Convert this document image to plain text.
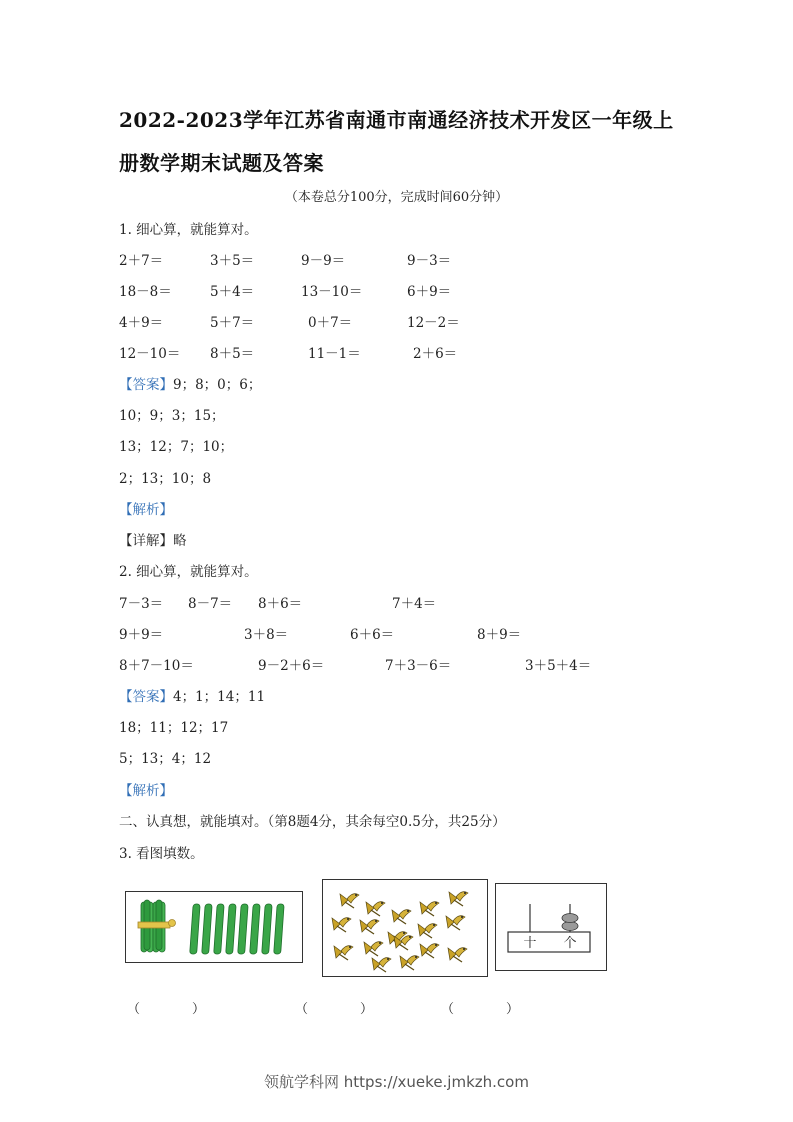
2022-2023学年江苏省南通市南通经济技术开发区一年级上
册数学期末试题及答案
（本卷总分100分，完成时间60分钟）
1. 细心算，就能算对。
2＋7＝	3＋5＝	9－9＝	9－3＝
18－8＝	5＋4＝	13－10＝	6＋9＝
4＋9＝	5＋7＝	0＋7＝	12－2＝
12－10＝ 8＋5＝	11－1＝	2＋6＝
【答案】9；8；0；6；
10；9；3；15；
13；12；7；10；
2；13；10；8
【解析】
【详解】略
2. 细心算，就能算对。
7－3＝ 8－7＝ 8＋6＝	7＋4＝
9＋9＝	3＋8＝	6＋6＝	8＋9＝
8＋7－10＝	9－2＋6＝	7＋3－6＝	3＋5＋4＝
【答案】4；1；14；11
18；11；12；17
5；13；4；12
【解析】
二、认真想，就能填对。（第8题4分，其余每空0.5分，共25分）
3. 看图填数。
十 个
（　　　　）	（　　　　）	（　　　　）
领航学科网 https://xueke.jmkzh.com
